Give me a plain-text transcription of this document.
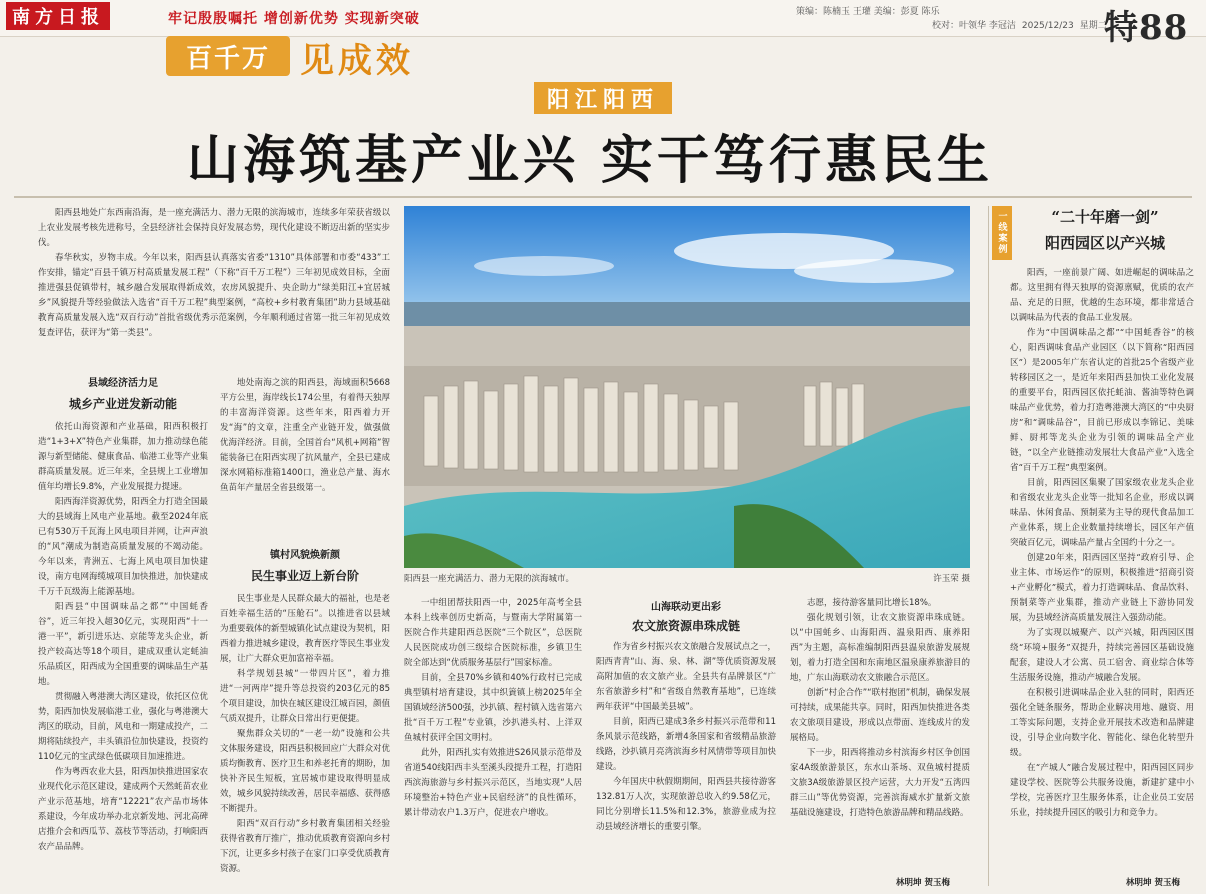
南方日报	牢记殷殷嘱托 增创新优势 实现新突破	策编：陈楠玉 王瓘 美编：彭夏 陈乐
校对：叶领华 李冠洁 2025/12/23 星期二
特88
百千万 见成效
阳江阳西
山海筑基产业兴 实干笃行惠民生

阳西县地处广东西南沿海，是一座充满活力、潜力无限的滨海城市，连续多年荣获省级以上农业发展考核先进称号，全县经济社会保持良好发展态势，现代化建设不断迈出新的坚实步伐。

春华秋实，岁物丰成。今年以来，阳西县认真落实省委“1310”具体部署和市委“433”工作安排，锚定“百县千镇万村高质量发展工程”（下称“百千万工程”）三年初见成效目标，全面推进强县促镇带村，城乡融合发展取得新成效，农房风貌提升、央企助力“绿美阳江+宜居城乡”风貌提升等经验做法入选省“百千万工程”典型案例，“高校+乡村教育集团”助力县域基础教育高质量发展入选“双百行动”首批省级优秀示范案例，今年顺利通过省第一批三年初见成效复查评估，获评为“第一类县”。

县域经济活力足
城乡产业迸发新动能

依托山海资源和产业基础，阳西积极打造“1+3+X”特色产业集群，加力推动绿色能源与新型储能、健康食品、临港工业等产业集群高质量发展。近三年来，全县规上工业增加值年均增长9.8%，产业发展提力提速。

阳西海洋资源优势，阳西全力打造全国最大的县域海上风电产业基地。截至2024年底已有530万千瓦海上风电项目并网，让声声浪的“风”潮成为制造高质量发展的不竭动能。今年以来，青洲五、七海上风电项目加快建设，南方电网海缆城项目加快推进，加快建成千万千瓦级海上能源基地。

阳西县“中国调味品之都”“中国蚝香谷”，近三年投入超30亿元，实现阳西“十一港一平”，新引进乐达、京能等龙头企业，新投产较高达等18个项目，建成双重认定蚝油乐品质区，阳西成为全国重要的调味品生产基地。

贯彻融入粤港澳大湾区建设，依托区位优势，阳西加快发展临港工业，强化与粤港澳大湾区的联动，目前，风电和一期建成投产，二期将陆续投产，丰头镇沿位加快建设，投资约110亿元的宝武绿色低碳项目加速推进。

作为粤西农业大县，阳西加快推进国家农业现代化示范区建设，建成两个天然蚝苗农业产业示范基地，培育“12221”农产品市场体系建设，今年成功举办北京新发地、河北高碑店推介会和西瓜节、荔枝节等活动，打响阳西农产品品牌。

地处南海之滨的阳西县，海域面积5668平方公里，海岸线长174公里，有着得天独厚的丰富海洋资源。这些年来，阳西着力开发“海”的文章，注重全产业链开发，做强做优海洋经济。目前，全国首台“风机+网箱”智能装备已在阳西实现了抗风量产，全县已建成深水网箱标准箱1400口，渔业总产量、海水鱼苗年产量居全省县级第一。

镇村风貌焕新颜
民生事业迈上新台阶

民生事业是人民群众最大的福祉，也是老百姓幸福生活的“压舱石”。以推进省以县域为重要载体的新型城镇化试点建设为契机，阳西着力推进城乡建设，教育医疗等民生事业发展，让广大群众更加富裕幸福。

科学规划县城“一带四片区”，着力推进“一河两岸”提升等总投资约203亿元的85个项目建设，加快在城区建设江城百园，颜值气质双提升，让群众日常出行更便捷。

聚焦群众关切的“一老一幼”设施和公共文体服务建设，阳西县积极回应广大群众对优质均衡教育、医疗卫生和养老托育的期盼，加快补齐民生短板，宜居城市建设取得明显成效，城乡风貌持续改善，居民幸福感、获得感不断提升。

阳西“双百行动”乡村教育集团相关经验获得省教育厅推广，推动优质教育资源向乡村下沉，让更多乡村孩子在家门口享受优质教育资源。

阳西县一座充满活力、潜力无限的滨海城市。	许玉荣 摄

一中组团帮扶阳西一中，2025年高考全县本科上线率创历史新高，与暨南大学附属第一医院合作共建阳西总医院“三个院区”，总医院人民医院成功创三级综合医院标准，乡镇卫生院全部达到“优质服务基层行”国家标准。

目前，全县70%乡镇和40%行政村已完成典型镇村培育建设，其中织篢镇上榜2025年全国镇域经济500强，沙扒镇、程村镇入选省第六批“百千万工程”专业镇，沙扒港头村、上洋双鱼城村获评全国文明村。

此外，阳西扎实有效推进S26风景示范带及省道540线阳西丰头至溪头段提升工程，打造阳西滨海旅游与乡村振兴示范区，当地实现“人居环境整治+特色产业+民宿经济”的良性循环，累计带动农户1.3万户，促进农户增收。

山海联动更出彩
农文旅资源串珠成链

作为省乡村振兴农文旅融合发展试点之一，阳西青青“山、海、泉、林、湖”等优质资源发展高附加值的农文旅产业。全县共有品牌景区“广东省旅游乡村”和“省级自然教育基地”，已连续两年获评“中国最美县城”。

目前，阳西已建成3条乡村振兴示范带和11条风景示范线路，新增4条国家和省级精品旅游线路，沙扒镇月亮湾滨海乡村风情带等项目加快建设。

今年国庆中秋假期期间，阳西县共接待游客132.81万人次，实现旅游总收入约9.58亿元，同比分别增长11.5%和12.3%，旅游业成为拉动县域经济增长的重要引擎。

志愿，接待游客量同比增长18%。

强化规划引领，让农文旅资源串珠成链。以“中国蚝乡、山海阳西、温泉阳西、康养阳西”为主题，高标准编制阳西县温泉旅游发展规划，着力打造全国和东南地区温泉康养旅游目的地，广东山海联动农文旅融合示范区。

创新“村企合作”“联村抱团”机制，确保发展可持续，成果能共享。同时，阳西加快推进各类农文旅项目建设，形成以点带面、连线成片的发展格局。

下一步，阳西将推动乡村滨海乡村区争创国家4A级旅游景区，东水山茶场、双鱼城村提质文旅3A级旅游景区投产运营，大力开发“五湾四群三山”等优势资源，完善滨海威水扩量新文旅基础设施建设，打造特色旅游品牌和精品线路。

林明坤 贺玉梅
一线案例	“二十年磨一剑”
阳西园区以产兴城

阳西，一座前景广阔、如进崛起的调味品之都。这里拥有得天独厚的资源禀赋，优质的农产品、充足的日照，优越的生态环境，都非常适合以调味品为代表的食品工业发展。

作为“中国调味品之都”“中国蚝香谷”的核心，阳西调味食品产业园区（以下简称“阳西园区”）是2005年广东省认定的首批25个省级产业转移园区之一，是近年来阳西县加快工业化发展的重要平台，阳西园区依托蚝油、酱油等特色调味品产业优势，着力打造粤港澳大湾区的“中央厨房”和“调味品谷”，目前已形成以李锦记、美味鲜、厨邦等龙头企业为引领的调味品全产业链，“以全产业链推动发展壮大食品产业”入选全省“百千万工程”典型案例。

目前，阳西园区集聚了国家级农业龙头企业和省级农业龙头企业等一批知名企业，形成以调味品、休闲食品、预制菜为主导的现代食品加工产业体系，规上企业数量持续增长，园区年产值突破百亿元，调味品产量占全国约十分之一。

创建20年来，阳西园区坚持“政府引导、企业主体、市场运作”的原则，积极推进“招商引资+产业孵化”模式，着力打造调味品、食品饮料、预制菜等产业集群，推动产业链上下游协同发展，为县域经济高质量发展注入强劲动能。

为了实现以城聚产、以产兴城，阳西园区围绕“环境+服务”双提升，持续完善园区基础设施配套，建设人才公寓、员工宿舍、商业综合体等生活服务设施，推动产城融合发展。

在积极引进调味品企业入驻的同时，阳西还强化全链条服务，帮助企业解决用地、融资、用工等实际问题，支持企业开展技术改造和品牌建设，引导企业向数字化、智能化、绿色化转型升级。

在“产城人”融合发展过程中，阳西园区同步建设学校、医院等公共服务设施，新建扩建中小学校，完善医疗卫生服务体系，让企业员工安居乐业，持续提升园区的吸引力和竞争力。

林明坤 贺玉梅
